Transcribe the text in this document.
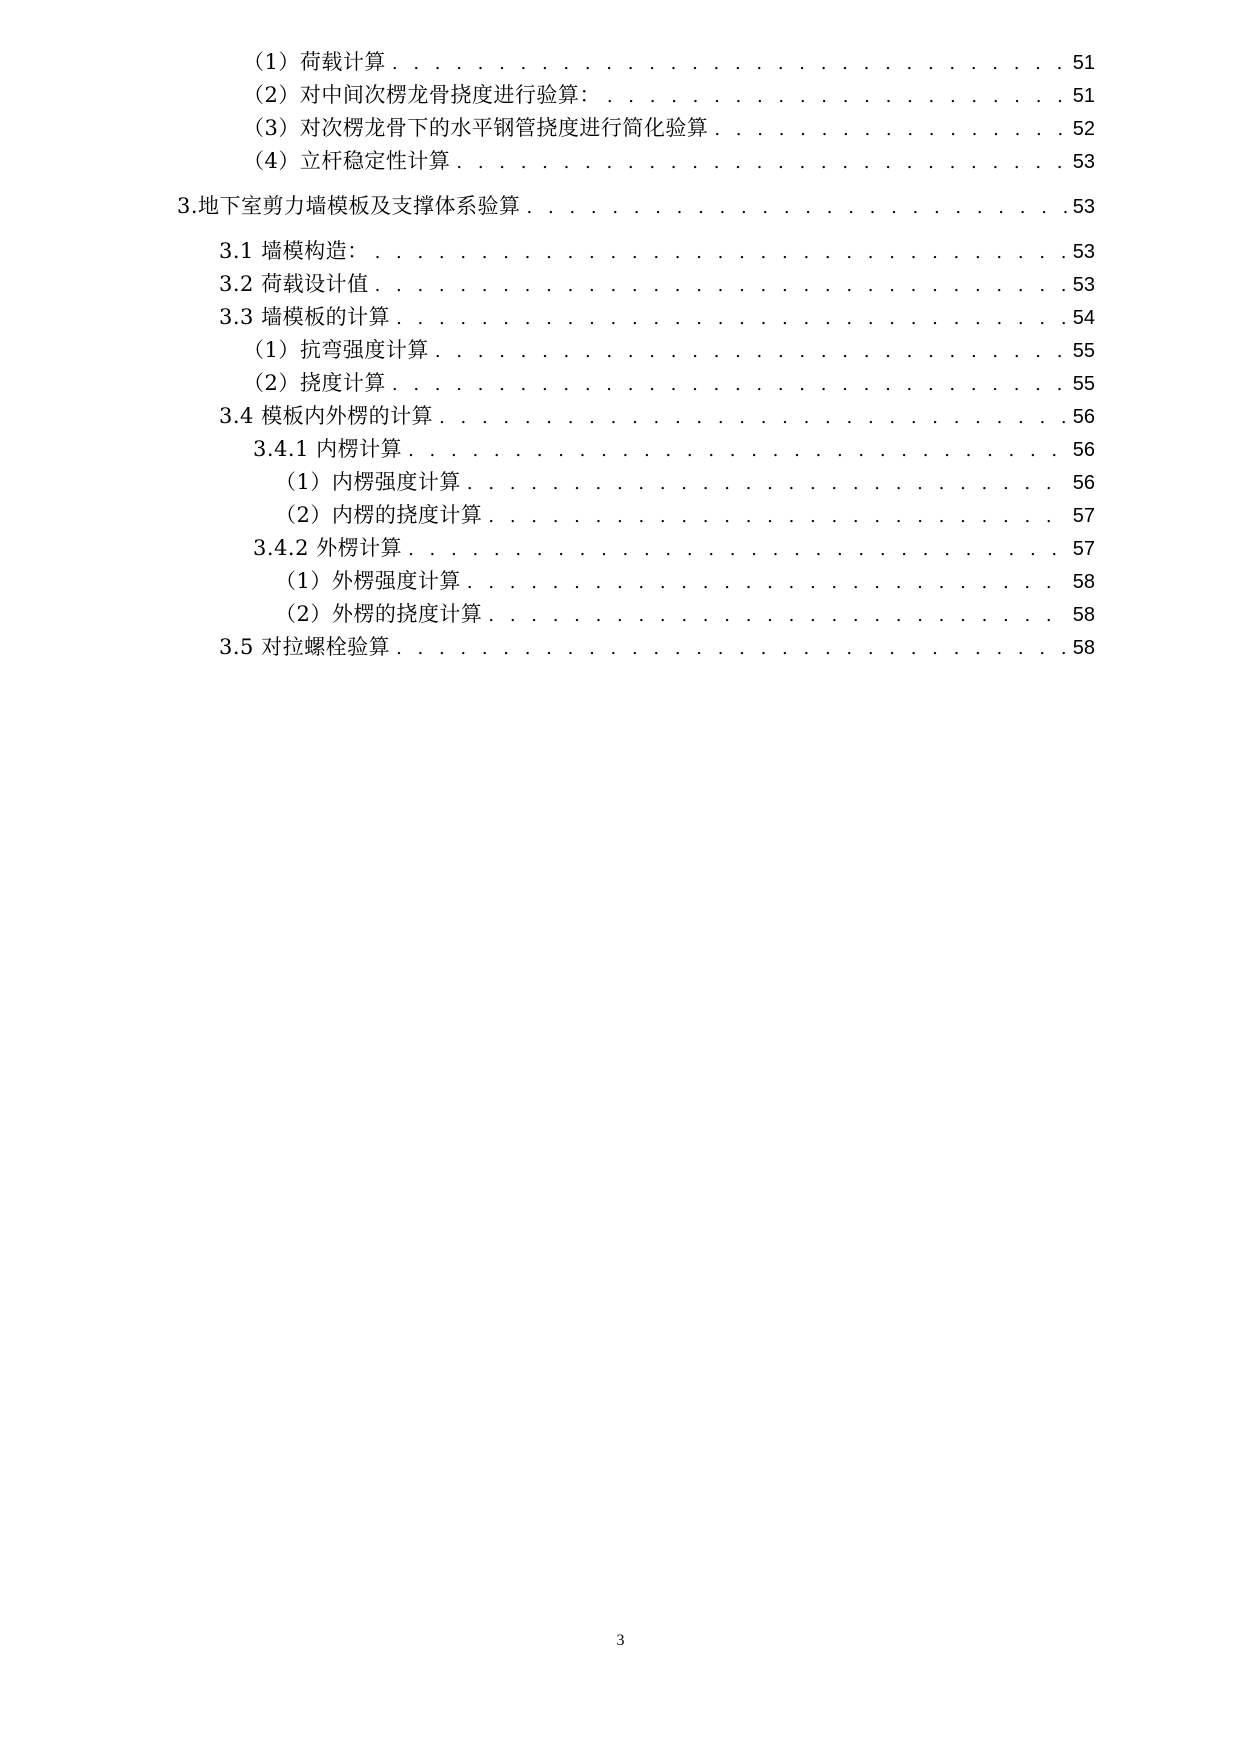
（1）荷载计算 . . .	51
（2）对中间次楞龙骨挠度进行验算： . . .	51
（3）对次楞龙骨下的水平钢管挠度进行简化验算 . . .	52
（4）立杆稳定性计算 . . .	53
3.地下室剪力墙模板及支撑体系验算 . . .	53
3.1 墙模构造： . . .	53
3.2 荷载设计值 . . .	53
3.3 墙模板的计算 . . .	54
（1）抗弯强度计算 . . .	55
（2）挠度计算 . . .	55
3.4 模板内外楞的计算 . . .	56
3.4.1 内楞计算 . . .	56
（1）内楞强度计算 . . .	56
（2）内楞的挠度计算 . . .	57
3.4.2 外楞计算 . . .	57
（1）外楞强度计算 . . .	58
（2）外楞的挠度计算 . . .	58
3.5 对拉螺栓验算 . . .	58
3
